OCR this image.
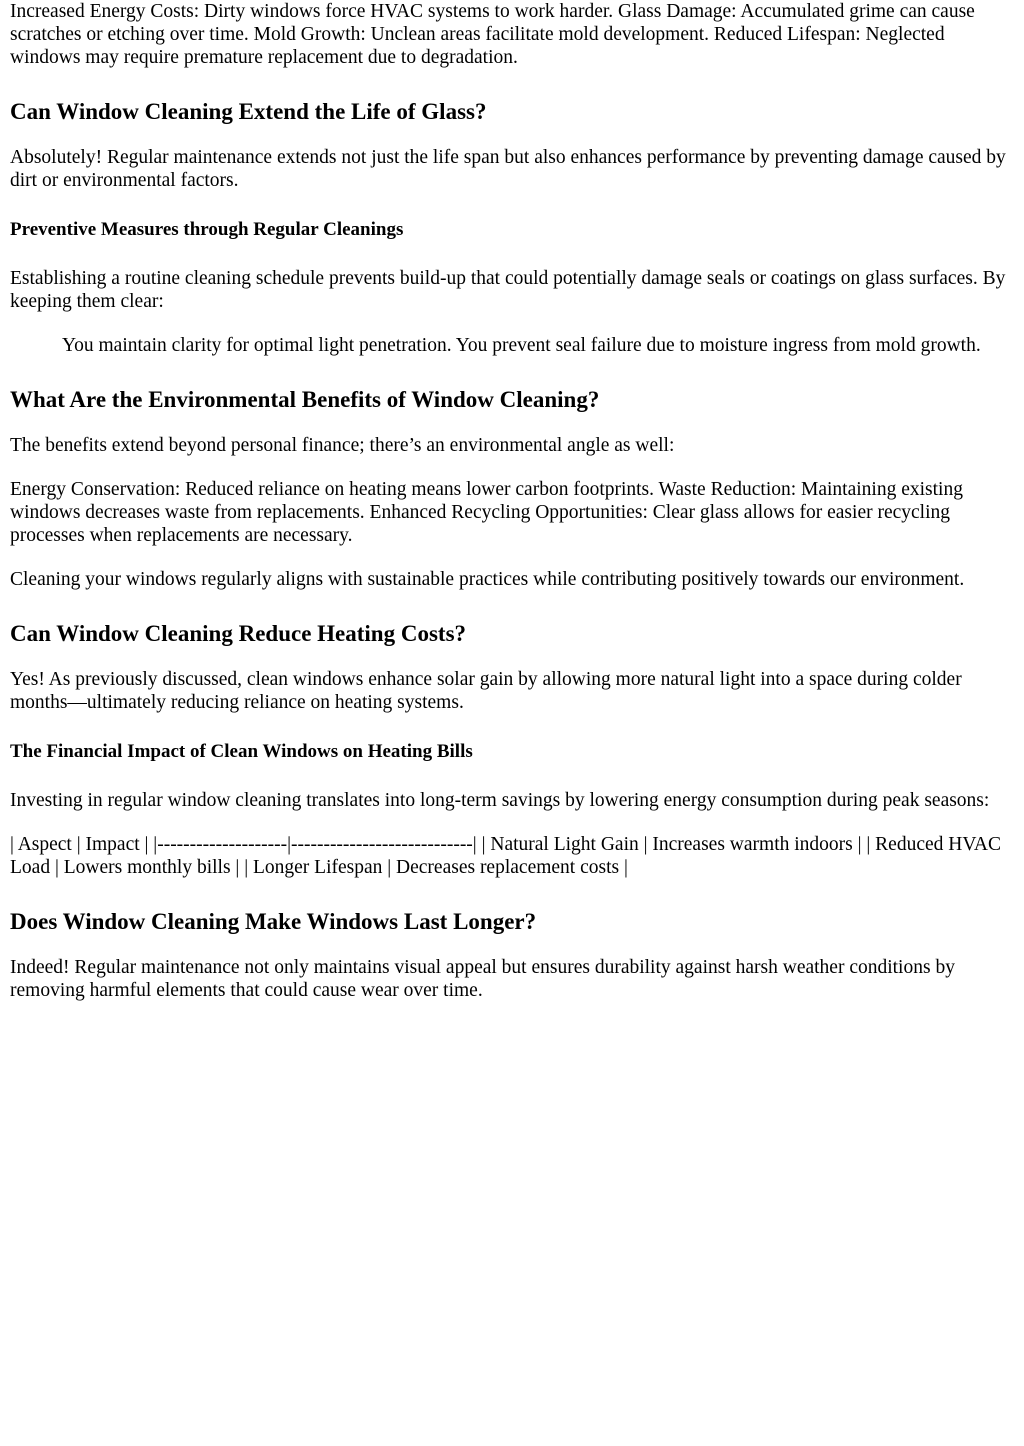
Increased Energy Costs: Dirty windows force HVAC systems to work harder. Glass Damage: Accumulated grime can cause scratches or etching over time. Mold Growth: Unclean areas facilitate mold development. Reduced Lifespan: Neglected windows may require premature replacement due to degradation.

Can Window Cleaning Extend the Life of Glass?

Absolutely! Regular maintenance extends not just the life span but also enhances performance by preventing damage caused by dirt or environmental factors.

Preventive Measures through Regular Cleanings

Establishing a routine cleaning schedule prevents build-up that could potentially damage seals or coatings on glass surfaces. By keeping them clear:

You maintain clarity for optimal light penetration. You prevent seal failure due to moisture ingress from mold growth.
What Are the Environmental Benefits of Window Cleaning?

The benefits extend beyond personal finance; there’s an environmental angle as well:

Energy Conservation: Reduced reliance on heating means lower carbon footprints. Waste Reduction: Maintaining existing windows decreases waste from replacements. Enhanced Recycling Opportunities: Clear glass allows for easier recycling processes when replacements are necessary.

Cleaning your windows regularly aligns with sustainable practices while contributing positively towards our environment.

Can Window Cleaning Reduce Heating Costs?

Yes! As previously discussed, clean windows enhance solar gain by allowing more natural light into a space during colder months—ultimately reducing reliance on heating systems.

The Financial Impact of Clean Windows on Heating Bills

Investing in regular window cleaning translates into long-term savings by lowering energy consumption during peak seasons:

| Aspect | Impact | |--------------------|----------------------------| | Natural Light Gain | Increases warmth indoors | | Reduced HVAC Load | Lowers monthly bills | | Longer Lifespan | Decreases replacement costs |

Does Window Cleaning Make Windows Last Longer?

Indeed! Regular maintenance not only maintains visual appeal but ensures durability against harsh weather conditions by removing harmful elements that could cause wear over time.
